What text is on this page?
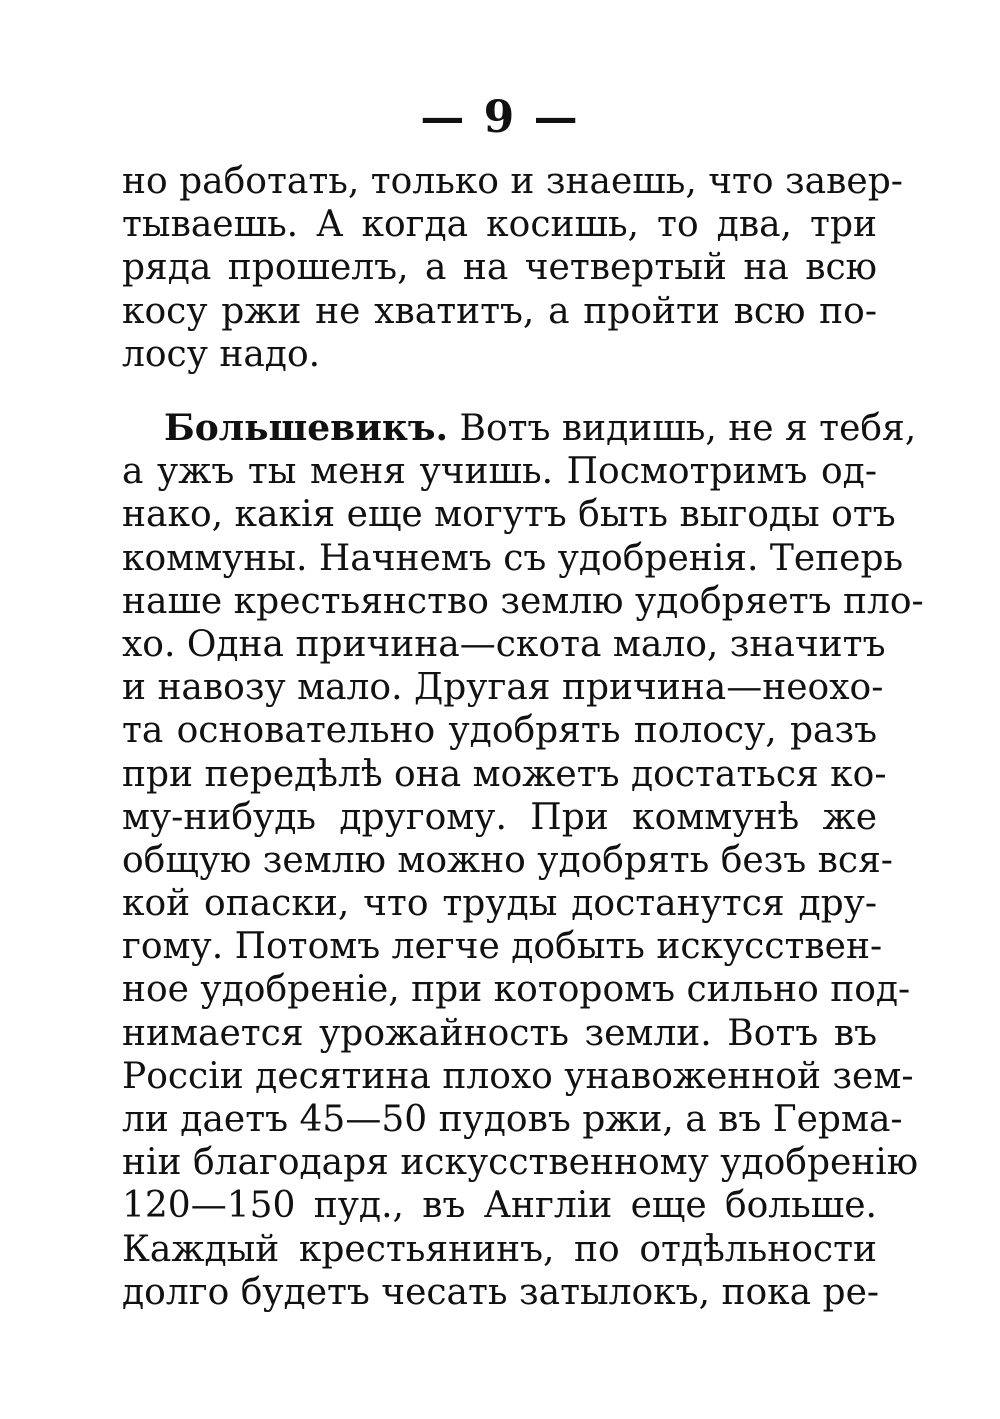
— 9 —
но работать, только и знаешь, что завер-
тываешь. А когда косишь, то два, три
ряда прошелъ, а на четвертый на всю
косу ржи не хватитъ, а пройти всю по-
лосу надо.
Большевикъ. Вотъ видишь, не я тебя,
а ужъ ты меня учишь. Посмотримъ од-
нако, какія еще могутъ быть выгоды отъ
коммуны. Начнемъ съ удобренія. Теперь
наше крестьянство землю удобряетъ пло-
хо. Одна причина—скота мало, значитъ
и навозу мало. Другая причина—неохо-
та основательно удобрять полосу, разъ
при передѣлѣ она можетъ достаться ко-
му-нибудь другому. При коммунѣ же
общую землю можно удобрять безъ вся-
кой опаски, что труды достанутся дру-
гому. Потомъ легче добыть искусствен-
ное удобреніе, при которомъ сильно под-
нимается урожайность земли. Вотъ въ
Россіи десятина плохо унавоженной зем-
ли даетъ 45—50 пудовъ ржи, а въ Герма-
ніи благодаря искусственному удобренію
120—150 пуд., въ Англіи еще больше.
Каждый крестьянинъ, по отдѣльности
долго будетъ чесать затылокъ, пока ре-
